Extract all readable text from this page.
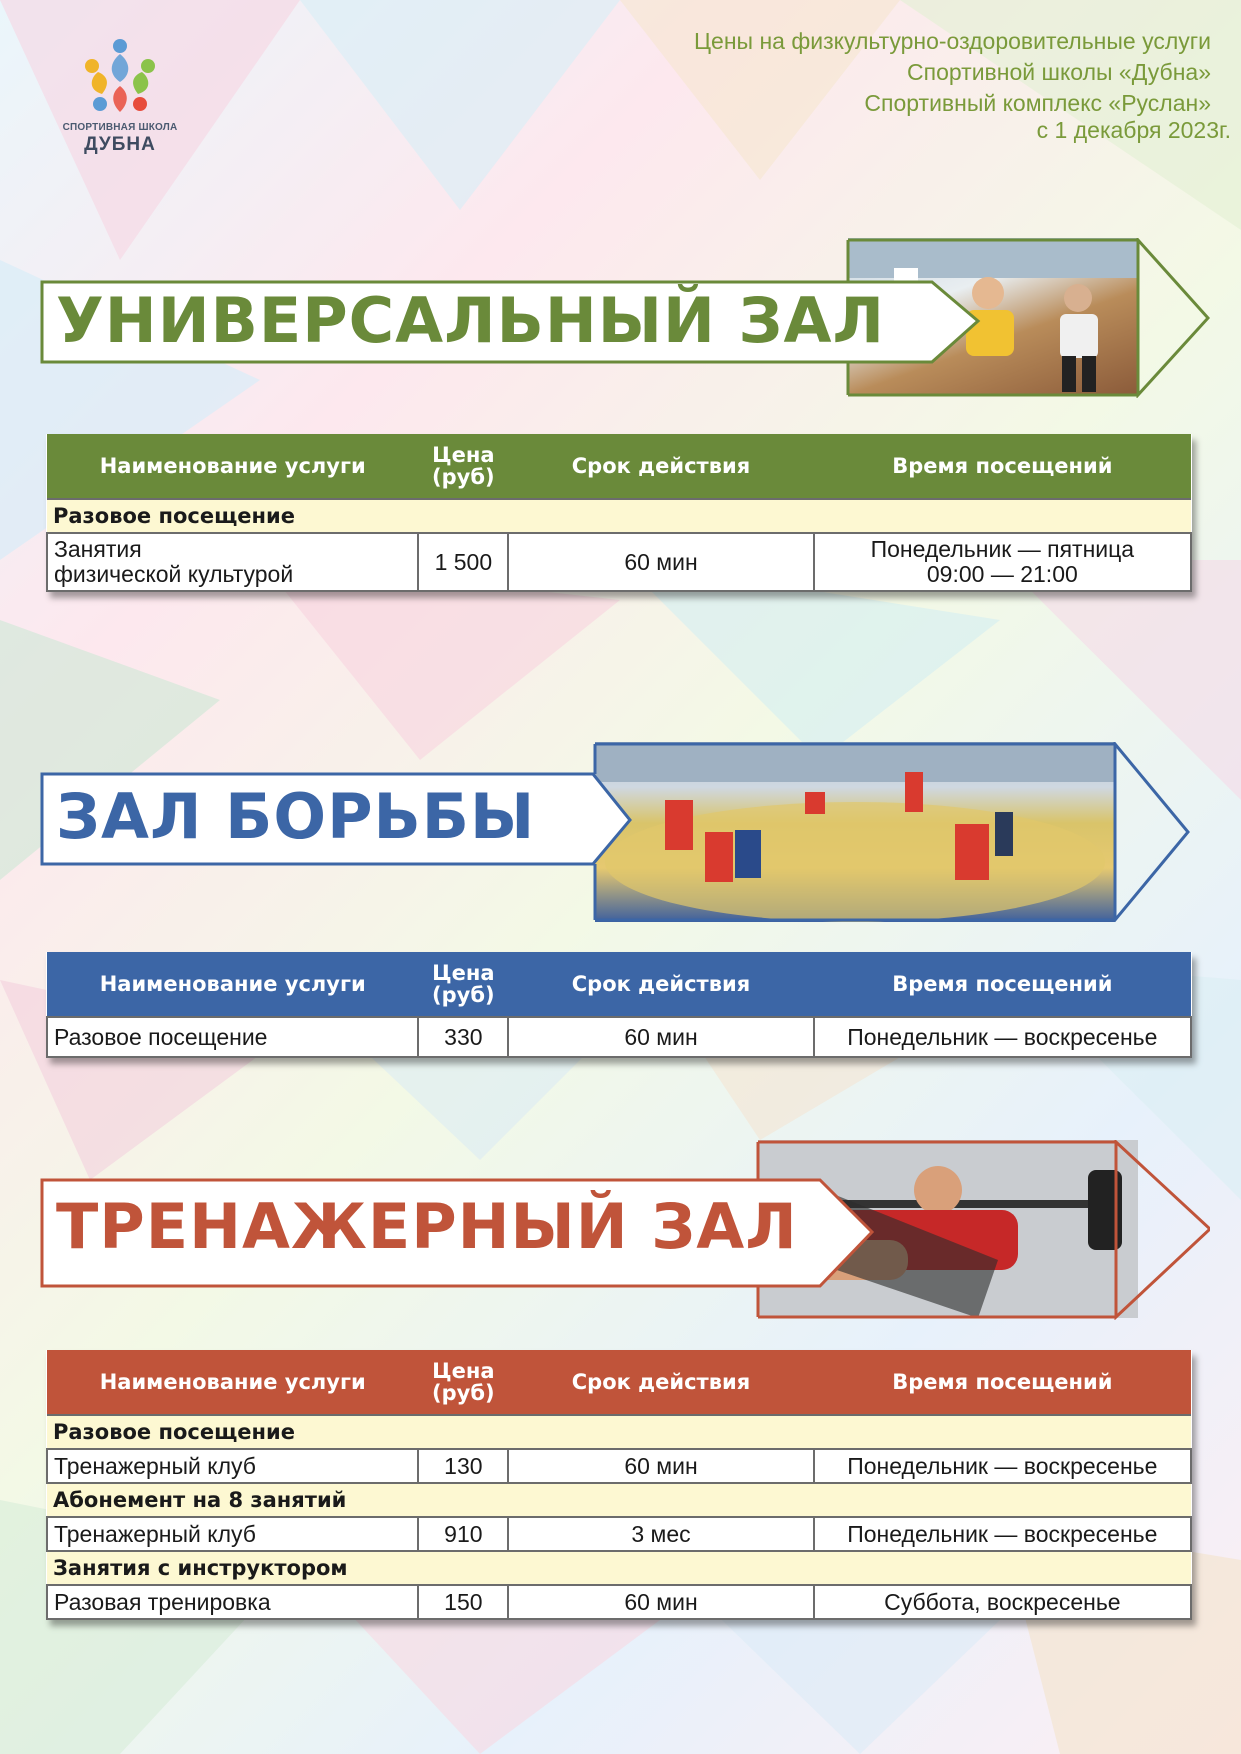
СПОРТИВНАЯ ШКОЛА
ДУБНА
Цены на физкультурно-оздоровительные услуги
Спортивной школы «Дубна»
Спортивный комплекс «Руслан»
с 1 декабря 2023г.
УНИВЕРСАЛЬНЫЙ ЗАЛ
Наименование услуги	Цена
(руб)	Срок действия	Время посещений
Разовое посещение			
Занятия
физической культурой	1 500	60 мин	Понедельник — пятница
09:00 — 21:00
ЗАЛ БОРЬБЫ
Наименование услуги	Цена
(руб)	Срок действия	Время посещений
Разовое посещение	330	60 мин	Понедельник — воскресенье
ТРЕНАЖЕРНЫЙ ЗАЛ
Наименование услуги	Цена
(руб)	Срок действия	Время посещений
Разовое посещение			
Тренажерный клуб	130	60 мин	Понедельник — воскресенье
Абонемент на 8 занятий			
Тренажерный клуб	910	3 мес	Понедельник — воскресенье
Занятия с инструктором			
Разовая тренировка	150	60 мин	Суббота, воскресенье
